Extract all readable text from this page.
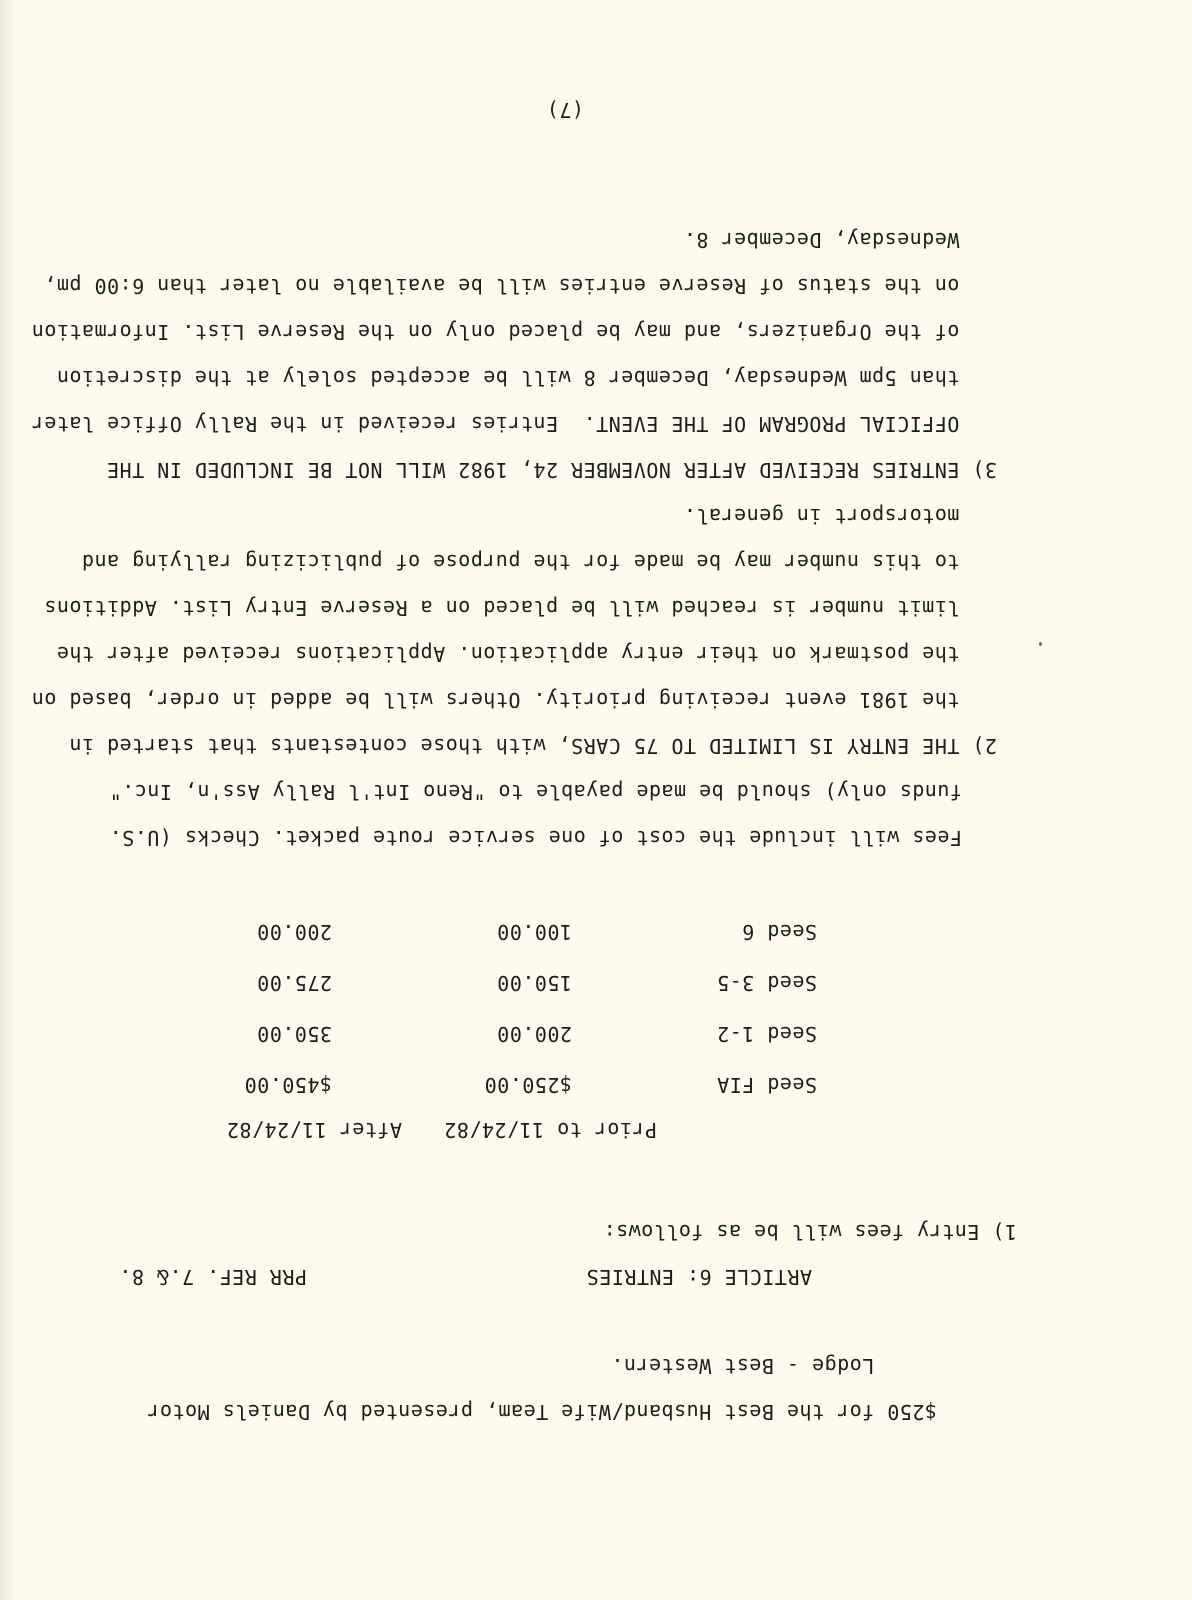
$250 for the Best Husband/Wife Team, presented by Daniels Motor
Lodge - Best Western.
ARTICLE 6: ENTRIES
PRR REF. 7.& 8.
1) Entry fees will be as follows:
Prior to 11/24/82
After 11/24/82
Seed FIA
$250.00
$450.00
Seed 1-2
200.00
350.00
Seed 3-5
150.00
275.00
Seed 6
100.00
200.00
Fees will include the cost of one service route packet. Checks (U.S.
funds only) should be made payable to "Reno Int'l Rally Ass'n, Inc."
2) THE ENTRY IS LIMITED TO 75 CARS, with those contestants that started in
the 1981 event receiving priority. Others will be added in order, based on
the postmark on their entry application. Applications received after the
limit number is reached will be placed on a Reserve Entry List. Additions
to this number may be made for the purpose of publicizing rallying and
motorsport in general.
3) ENTRIES RECEIVED AFTER NOVEMBER 24, 1982 WILL NOT BE INCLUDED IN THE
OFFICIAL PROGRAM OF THE EVENT.  Entries received in the Rally Office later
than 5pm Wednesday, December 8 will be accepted solely at the discretion
of the Organizers, and may be placed only on the Reserve List. Information
on the status of Reserve entries will be available no later than 6:00 pm,
Wednesday, December 8.
(7)
